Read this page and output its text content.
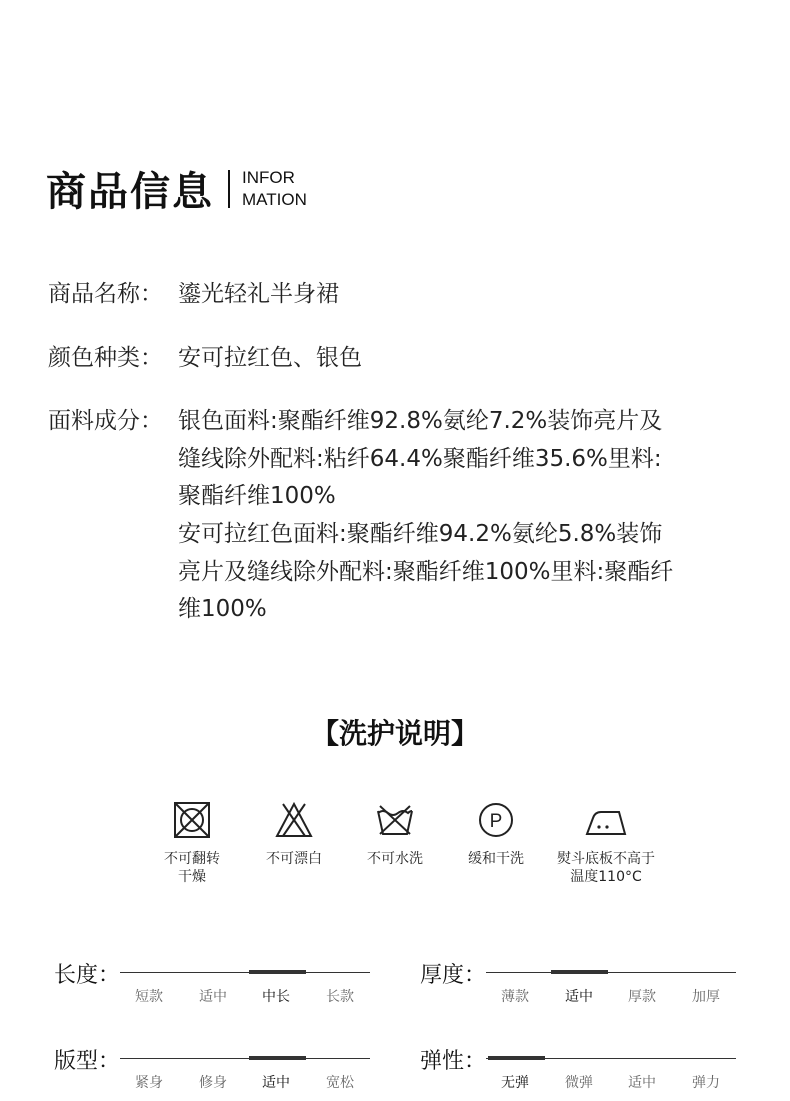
商品信息 INFOR
MATION
商品名称： 鎏光轻礼半身裙
颜色种类： 安可拉红色、银色
面料成分： 银色面料:聚酯纤维92.8%氨纶7.2%装饰亮片及
缝线除外配料:粘纤64.4%聚酯纤维35.6%里料:
聚酯纤维100%
安可拉红色面料:聚酯纤维94.2%氨纶5.8%装饰
亮片及缝线除外配料:聚酯纤维100%里料:聚酯纤
维100%
【洗护说明】
不可翻转
干燥
不可漂白	不可水洗
P
缓和干洗	熨斗底板不高于
温度110°C
长度：
短款	适中	中长	长款
厚度：
薄款	适中	厚款	加厚
版型：
紧身	修身	适中	宽松
弹性：
无弹	微弹	适中	弹力
